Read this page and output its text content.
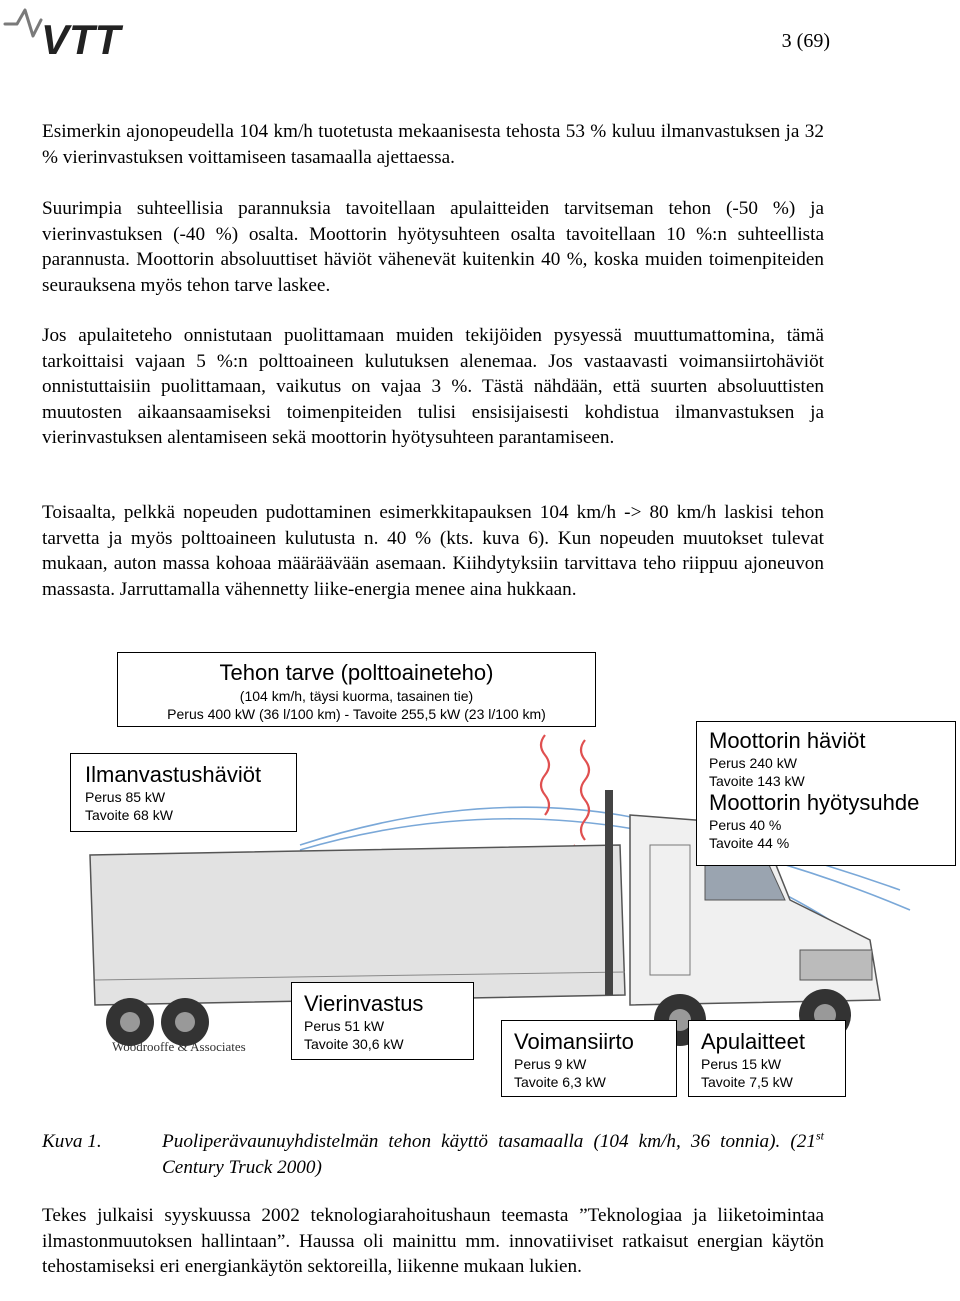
VTT	3 (69)

Esimerkin ajonopeudella 104 km/h tuotetusta mekaanisesta tehosta 53 % kuluu ilmanvastuksen ja 32 % vierinvastuksen voittamiseen tasamaalla ajettaessa.

Suurimpia suhteellisia parannuksia tavoitellaan apulaitteiden tarvitseman tehon (-50 %) ja vierinvastuksen (-40 %) osalta. Moottorin hyötysuhteen osalta tavoitellaan 10 %:n suhteellista parannusta. Moottorin absoluuttiset häviöt vähenevät kuitenkin 40 %, koska muiden toimenpiteiden seurauksena myös tehon tarve laskee.

Jos apulaiteteho onnistutaan puolittamaan muiden tekijöiden pysyessä muuttumattomina, tämä tarkoittaisi vajaan 5 %:n polttoaineen kulutuksen alenemaa. Jos vastaavasti voimansiirtohäviöt onnistuttaisiin puolittamaan, vaikutus on vajaa 3 %. Tästä nähdään, että suurten absoluuttisten muutosten aikaansaamiseksi toimenpiteiden tulisi ensisijaisesti kohdistua ilmanvastuksen ja vierinvastuksen alentamiseen sekä moottorin hyötysuhteen parantamiseen.

Toisaalta, pelkkä nopeuden pudottaminen esimerkkitapauksen 104 km/h -> 80 km/h laskisi tehon tarvetta ja myös polttoaineen kulutusta n. 40 % (kts. kuva 6). Kun nopeuden muutokset tulevat mukaan, auton massa kohoaa määräävään asemaan. Kiihdytyksiin tarvittava teho riippuu ajoneuvon massasta. Jarruttamalla vähennetty liike-energia menee aina hukkaan.

Tehon tarve (polttoaineteho)
(104 km/h, täysi kuorma, tasainen tie)
Perus 400 kW (36 l/100 km) - Tavoite 255,5 kW (23 l/100 km)
Ilmanvastushäviöt
Perus 85 kW
Tavoite 68 kW
Moottorin häviöt
Perus 240 kW
Tavoite 143 kW
Moottorin hyötysuhde
Perus 40 %
Tavoite 44 %
Woodrooffe & Associates
Vierinvastus
Perus 51 kW
Tavoite 30,6 kW	Voimansiirto
Perus 9 kW
Tavoite 6,3 kW
Apulaitteet
Perus 15 kW
Tavoite 7,5 kW
Kuva 1.	Puoliperävaunuyhdistelmän tehon käyttö tasamaalla (104 km/h, 36 tonnia). (21st Century Truck 2000)

Tekes julkaisi syyskuussa 2002 teknologiarahoitushaun teemasta ”Teknologiaa ja liiketoimintaa ilmastonmuutoksen hallintaan”. Haussa oli mainittu mm. innovatiiviset ratkaisut energian käytön tehostamiseksi eri energiankäytön sektoreilla, liikenne mukaan lukien.
